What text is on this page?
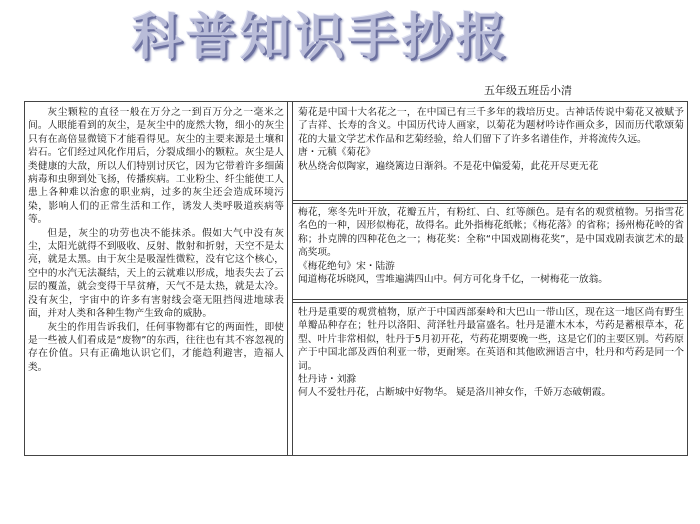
科普知识手抄报
五年级五班岳小清

灰尘颗粒的直径一般在万分之一到百万分之一毫米之间。人眼能看到的灰尘，是灰尘中的庞然大物，细小的灰尘只有在高倍显微镜下才能看得见。灰尘的主要来源是土壤和岩石。它们经过风化作用后，分裂成细小的颗粒。灰尘是人类健康的大敌，所以人们特别讨厌它，因为它带着许多细菌病毒和虫卵到处飞扬，传播疾病。工业粉尘、纤尘能使工人患上各种难以治愈的职业病，过多的灰尘还会造成环境污染，影响人们的正常生活和工作，诱发人类呼吸道疾病等等。

但是，灰尘的功劳也决不能抹杀。假如大气中没有灰尘，太阳光就得不到吸收、反射、散射和折射，天空不是太亮，就是太黑。由于灰尘是吸湿性微粒，没有它这个核心，空中的水汽无法凝结，天上的云就难以形成，地表失去了云层的覆盖，就会变得干旱贫瘠，天气不是太热，就是太冷。没有灰尘，宇宙中的许多有害射线会毫无阻挡闯进地球表面，并对人类和各种生物产生致命的威胁。

灰尘的作用告诉我们，任何事物都有它的两面性，即使是一些被人们看成是“废物”的东西，往往也有其不容忽视的存在价值。只有正确地认识它们，才能趋利避害，造福人类。

菊花是中国十大名花之一，在中国已有三千多年的栽培历史。古神话传说中菊花又被赋予了吉祥、长寿的含义。中国历代诗人画家，以菊花为题材吟诗作画众多，因而历代歌颂菊花的大量文学艺术作品和艺菊经验，给人们留下了许多名谱佳作，并将流传久远。

唐・元稹《菊花》

秋丛绕舍似陶家，遍绕篱边日渐斜。不是花中偏爱菊，此花开尽更无花

梅花，寒冬先叶开放，花瓣五片，有粉红、白、红等颜色。是有名的观赏植物。另指雪花名色的一种，因形似梅花，故得名。此外指梅花纸帐；《梅花落》的省称；扬州梅花岭的省称；扑克牌的四种花色之一；梅花奖：全称“中国戏剧梅花奖”，是中国戏剧表演艺术的最高奖项。

《梅花绝句》宋・陆游

闻道梅花坼晓风，雪堆遍满四山中。何方可化身千亿，一树梅花一放翁。

牡丹是重要的观赏植物，原产于中国西部秦岭和大巴山一带山区，现在这一地区尚有野生单瓣品种存在；牡丹以洛阳、菏泽牡丹最富盛名。牡丹是灌木木本，芍药是蓄根草本，花型、叶片非常相似，牡丹于5月初开花，芍药花期要晚一些，这是它们的主要区别。芍药原产于中国北部及西伯利亚一带，更耐寒。在英语和其他欧洲语言中，牡丹和芍药是同一个词。

牡丹诗・刘滁

何人不爱牡丹花，占断城中好物华。 疑是洛川神女作，千娇万态破朝霞。
